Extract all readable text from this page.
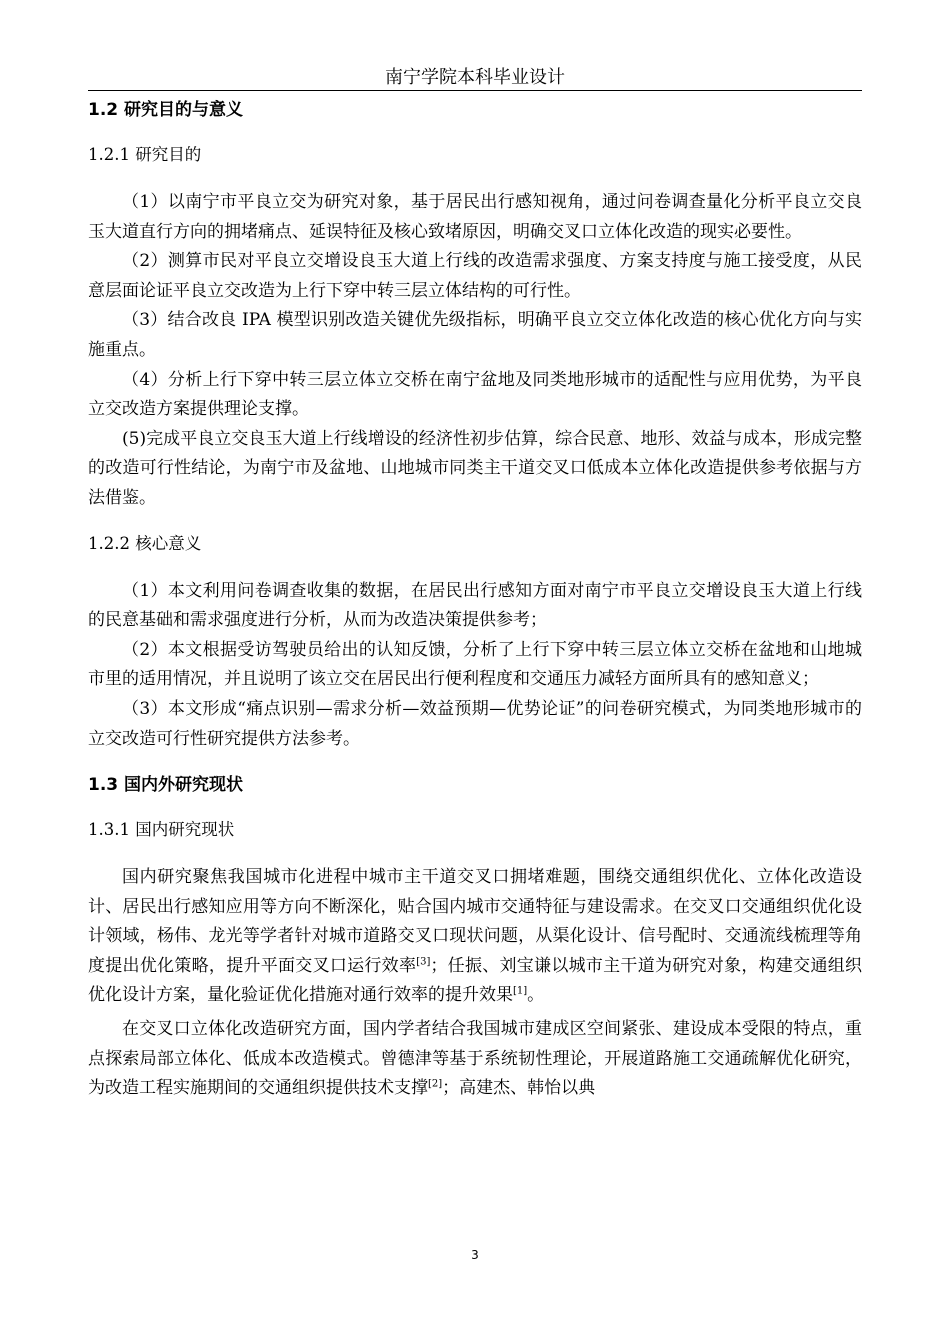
南宁学院本科毕业设计
1.2 研究目的与意义
1.2.1 研究目的

（1）以南宁市平良立交为研究对象，基于居民出行感知视角，通过问卷调查量化分析平良立交良玉大道直行方向的拥堵痛点、延误特征及核心致堵原因，明确交叉口立体化改造的现实必要性。

（2）测算市民对平良立交增设良玉大道上行线的改造需求强度、方案支持度与施工接受度，从民意层面论证平良立交改造为上行下穿中转三层立体结构的可行性。

（3）结合改良 IPA 模型识别改造关键优先级指标，明确平良立交立体化改造的核心优化方向与实施重点。

（4）分析上行下穿中转三层立体立交桥在南宁盆地及同类地形城市的适配性与应用优势，为平良立交改造方案提供理论支撑。

(5)完成平良立交良玉大道上行线增设的经济性初步估算，综合民意、地形、效益与成本，形成完整的改造可行性结论，为南宁市及盆地、山地城市同类主干道交叉口低成本立体化改造提供参考依据与方法借鉴。

1.2.2 核心意义

（1）本文利用问卷调查收集的数据，在居民出行感知方面对南宁市平良立交增设良玉大道上行线的民意基础和需求强度进行分析，从而为改造决策提供参考；

（2）本文根据受访驾驶员给出的认知反馈，分析了上行下穿中转三层立体立交桥在盆地和山地城市里的适用情况，并且说明了该立交在居民出行便利程度和交通压力减轻方面所具有的感知意义；

（3）本文形成“痛点识别—需求分析—效益预期—优势论证”的问卷研究模式，为同类地形城市的立交改造可行性研究提供方法参考。

1.3 国内外研究现状
1.3.1 国内研究现状

国内研究聚焦我国城市化进程中城市主干道交叉口拥堵难题，围绕交通组织优化、立体化改造设计、居民出行感知应用等方向不断深化，贴合国内城市交通特征与建设需求。在交叉口交通组织优化设计领域，杨伟、龙光等学者针对城市道路交叉口现状问题，从渠化设计、信号配时、交通流线梳理等角度提出优化策略，提升平面交叉口运行效率[3]；任振、刘宝谦以城市主干道为研究对象，构建交通组织优化设计方案，量化验证优化措施对通行效率的提升效果[1]。

在交叉口立体化改造研究方面，国内学者结合我国城市建成区空间紧张、建设成本受限的特点，重点探索局部立体化、低成本改造模式。曾德津等基于系统韧性理论，开展道路施工交通疏解优化研究，为改造工程实施期间的交通组织提供技术支撑[2]；高建杰、韩怡以典

3
